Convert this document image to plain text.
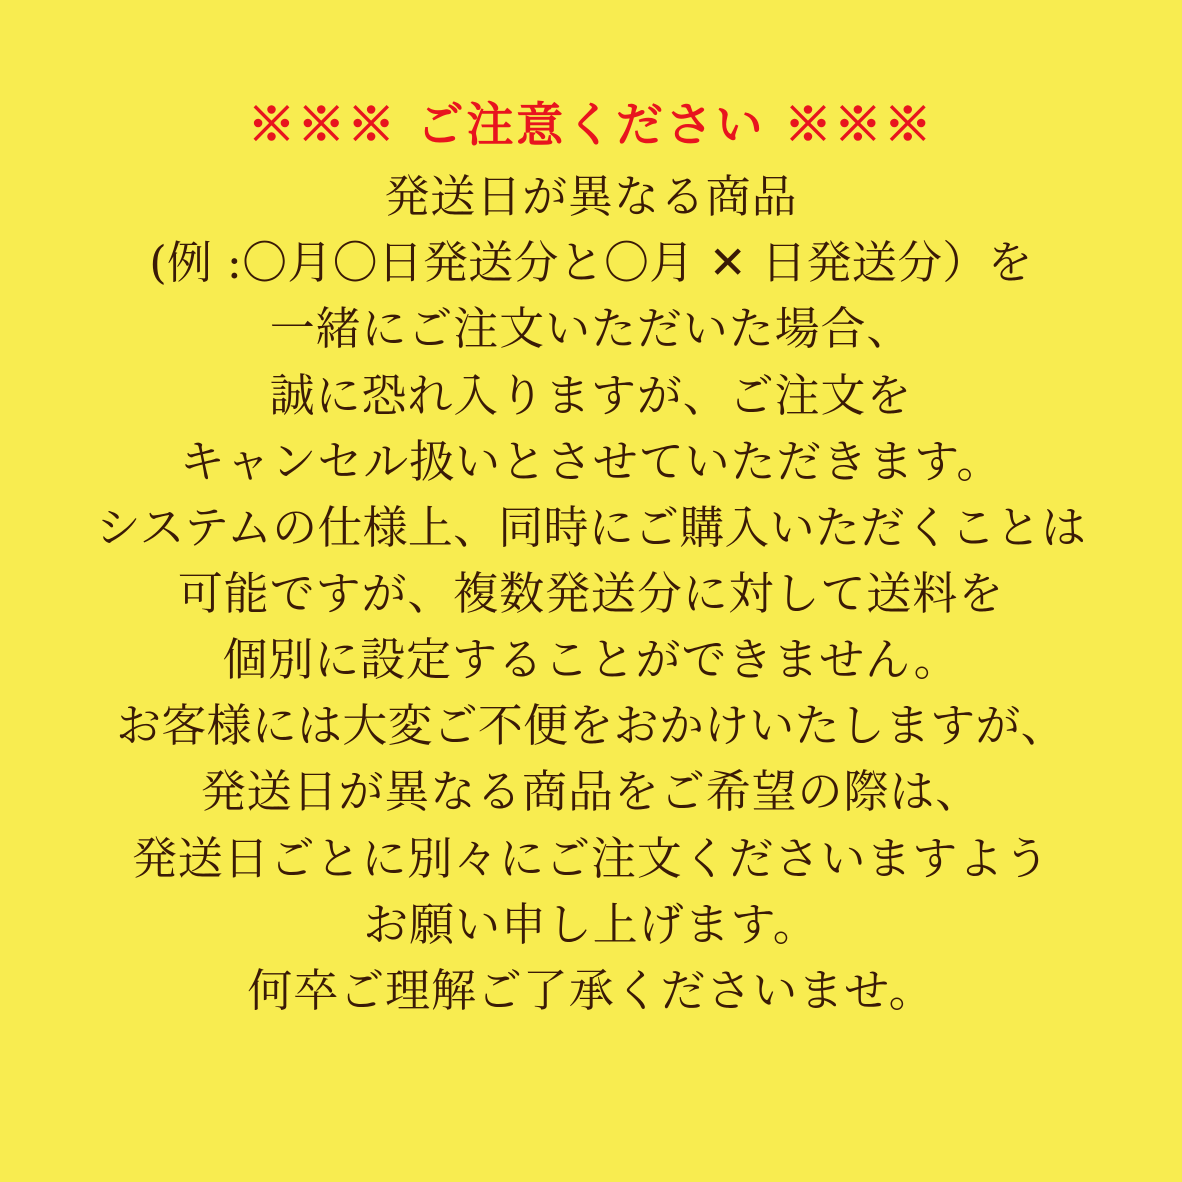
※※※ ご注意ください ※※※
発送日が異なる商品
(例 :〇月〇日発送分と〇月 ✕ 日発送分）を
一緒にご注文いただいた場合、
誠に恐れ入りますが、ご注文を
キャンセル扱いとさせていただきます。
システムの仕様上、同時にご購入いただくことは
可能ですが、複数発送分に対して送料を
個別に設定することができません。
お客様には大変ご不便をおかけいたしますが、
発送日が異なる商品をご希望の際は、
発送日ごとに別々にご注文くださいますよう
お願い申し上げます。
何卒ご理解ご了承くださいませ。
